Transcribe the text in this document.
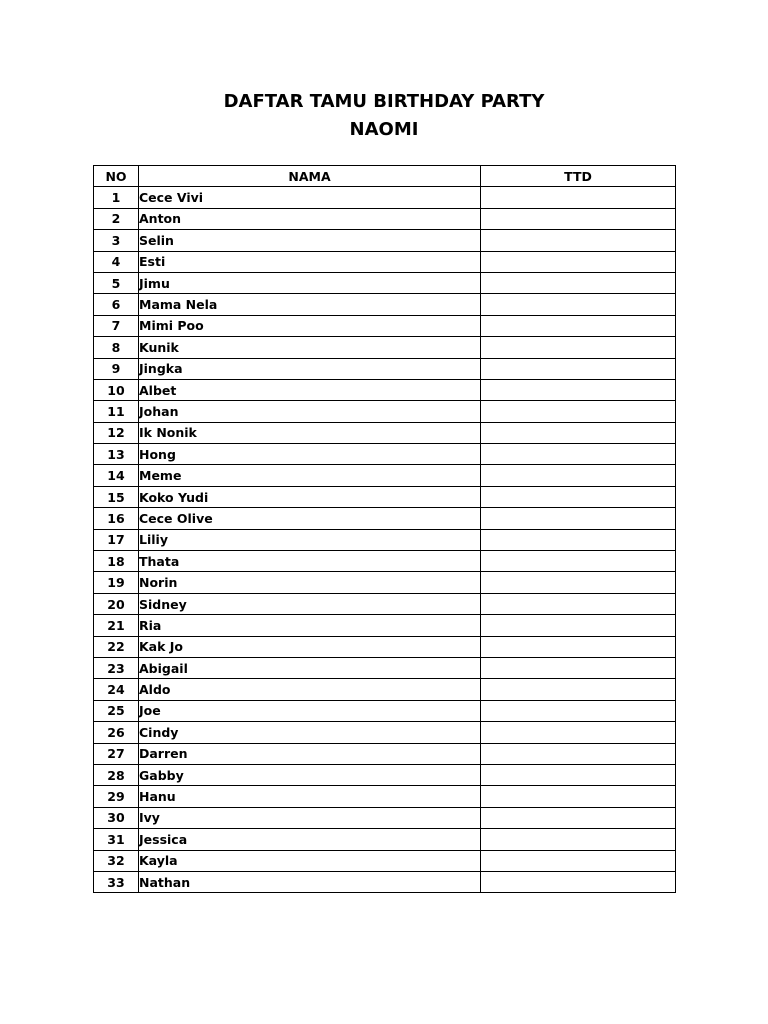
DAFTAR TAMU BIRTHDAY PARTY
NAOMI
NO	NAMA	TTD
1	Cece Vivi	
2	Anton	
3	Selin	
4	Esti	
5	Jimu	
6	Mama Nela	
7	Mimi Poo	
8	Kunik	
9	Jingka	
10	Albet	
11	Johan	
12	Ik Nonik	
13	Hong	
14	Meme	
15	Koko Yudi	
16	Cece Olive	
17	Liliy	
18	Thata	
19	Norin	
20	Sidney	
21	Ria	
22	Kak Jo	
23	Abigail	
24	Aldo	
25	Joe	
26	Cindy	
27	Darren	
28	Gabby	
29	Hanu	
30	Ivy	
31	Jessica	
32	Kayla	
33	Nathan	
